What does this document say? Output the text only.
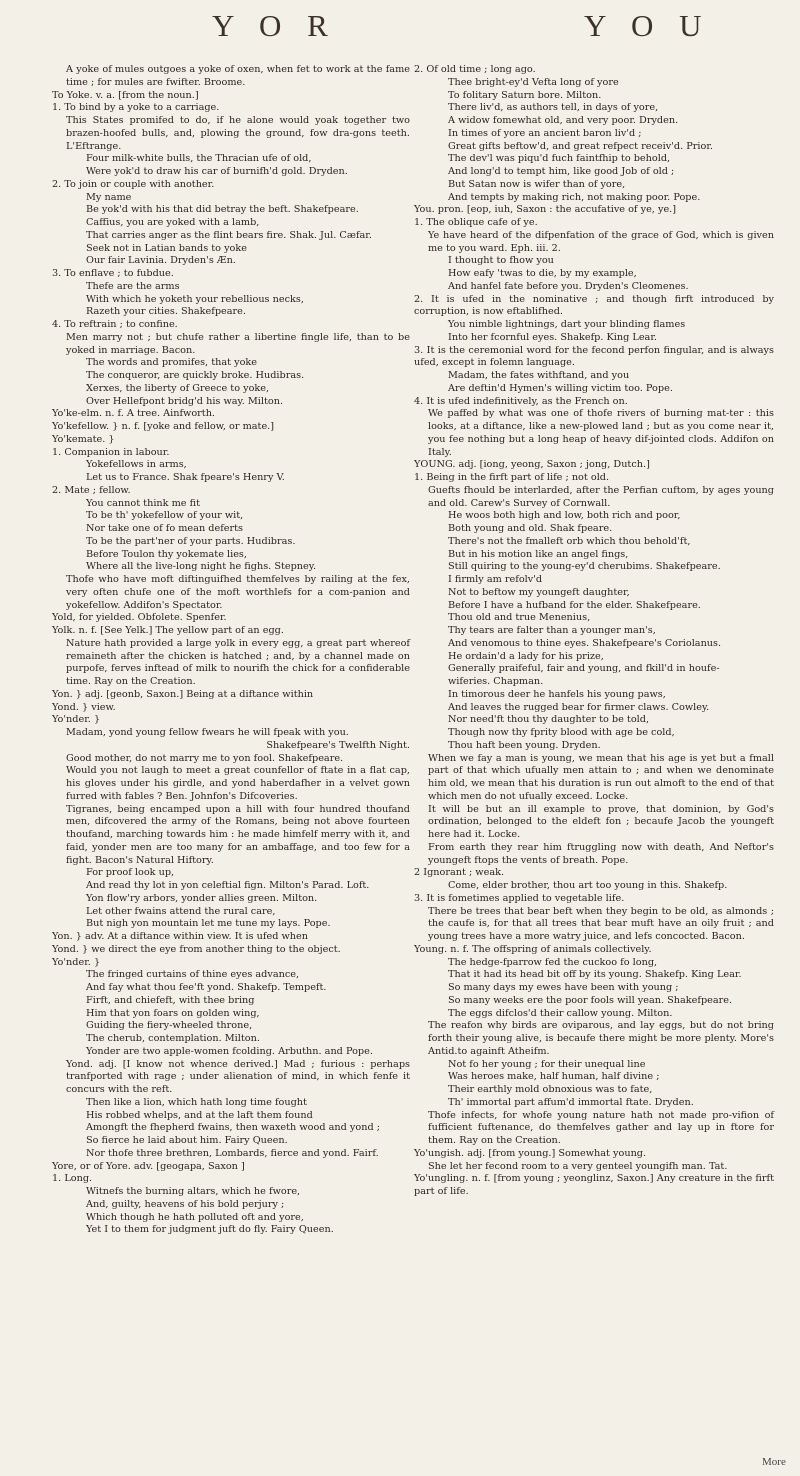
Y O R	Y O U

A yoke of mules outgoes a yoke of oxen, when fet to work at the fame time ; for mules are fwifter. Broome.

To Yoke. v. a. [from the noun.]

1. To bind by a yoke to a carriage.

This States promifed to do, if he alone would yoak together two brazen-hoofed bulls, and, plowing the ground, fow dra-gons teeth. L'Eftrange.

Four milk-white bulls, the Thracian ufe of old,

Were yok'd to draw his car of burnifh'd gold. Dryden.

2. To join or couple with another.

My name

Be yok'd with his that did betray the beft. Shakefpeare.

Caffius, you are yoked with a lamb,

That carries anger as the flint bears fire. Shak. Jul. Cæfar.

Seek not in Latian bands to yoke

Our fair Lavinia. Dryden's Æn.

3. To enflave ; to fubdue.

Thefe are the arms

With which he yoketh your rebellious necks,

Razeth your cities. Shakefpeare.

4. To reftrain ; to confine.

Men marry not ; but chufe rather a libertine fingle life, than to be yoked in marriage. Bacon.

The words and promifes, that yoke

The conqueror, are quickly broke. Hudibras.

Xerxes, the liberty of Greece to yoke,

Over Hellefpont bridg'd his way. Milton.

Yo'ke-elm. n. f. A tree. Ainfworth.

Yo'kefellow. } n. f. [yoke and fellow, or mate.]

Yo'kemate. }

1. Companion in labour.

Yokefellows in arms,

Let us to France. Shak fpeare's Henry V.

2. Mate ; fellow.

You cannot think me fit

To be th' yokefellow of your wit,

Nor take one of fo mean deferts

To be the part'ner of your parts. Hudibras.

Before Toulon thy yokemate lies,

Where all the live-long night he fighs. Stepney.

Thofe who have moft diftinguifhed themfelves by railing at the fex, very often chufe one of the moft worthlefs for a com-panion and yokefellow. Addifon's Spectator.

Yold, for yielded. Obfolete. Spenfer.

Yolk. n. f. [See Yelk.] The yellow part of an egg.

Nature hath provided a large yolk in every egg, a great part whereof remaineth after the chicken is hatched ; and, by a channel made on purpofe, ferves inftead of milk to nourifh the chick for a confiderable time. Ray on the Creation.

Yon. } adj. [geonb, Saxon.] Being at a diftance within

Yond. } view.

Yo'nder. }

Madam, yond young fellow fwears he will fpeak with you.

Shakefpeare's Twelfth Night.

Good mother, do not marry me to yon fool. Shakefpeare.

Would you not laugh to meet a great counfellor of ftate in a flat cap, his gloves under his girdle, and yond haberdafher in a velvet gown furred with fables ? Ben. Johnfon's Difcoveries.

Tigranes, being encamped upon a hill with four hundred thoufand men, difcovered the army of the Romans, being not above fourteen thoufand, marching towards him : he made himfelf merry with it, and faid, yonder men are too many for an ambaffage, and too few for a fight. Bacon's Natural Hiftory.

For proof look up,

And read thy lot in yon celeftial fign. Milton's Parad. Loft.

Yon flow'ry arbors, yonder allies green. Milton.

Let other fwains attend the rural care,

But nigh yon mountain let me tune my lays. Pope.

Yon. } adv. At a diftance within view. It is ufed when

Yond. } we direct the eye from another thing to the object.

Yo'nder. }

The fringed curtains of thine eyes advance,

And fay what thou fee'ft yond. Shakefp. Tempeft.

Firft, and chiefeft, with thee bring

Him that yon foars on golden wing,

Guiding the fiery-wheeled throne,

The cherub, contemplation. Milton.

Yonder are two apple-women fcolding. Arbuthn. and Pope.

Yond. adj. [I know not whence derived.] Mad ; furious : perhaps tranfported with rage ; under alienation of mind, in which fenfe it concurs with the reft.

Then like a lion, which hath long time fought

His robbed whelps, and at the laft them found

Amongft the fhepherd fwains, then waxeth wood and yond ;

So fierce he laid about him. Fairy Queen.

Nor thofe three brethren, Lombards, fierce and yond. Fairf.

Yore, or of Yore. adv. [geogapa, Saxon ]

1. Long.

Witnefs the burning altars, which he fwore,

And, guilty, heavens of his bold perjury ;

Which though he hath polluted oft and yore,

Yet I to them for judgment juft do fly. Fairy Queen.

2. Of old time ; long ago.

Thee bright-ey'd Vefta long of yore

To folitary Saturn bore. Milton.

There liv'd, as authors tell, in days of yore,

A widow fomewhat old, and very poor. Dryden.

In times of yore an ancient baron liv'd ;

Great gifts beftow'd, and great refpect receiv'd. Prior.

The dev'l was piqu'd fuch faintfhip to behold,

And long'd to tempt him, like good Job of old ;

But Satan now is wifer than of yore,

And tempts by making rich, not making poor. Pope.

You. pron. [eop, iuh, Saxon : the accufative of ye, ye.]

1. The oblique cafe of ye.

Ye have heard of the difpenfation of the grace of God, which is given me to you ward. Eph. iii. 2.

I thought to fhow you

How eafy 'twas to die, by my example,

And hanfel fate before you. Dryden's Cleomenes.

2. It is ufed in the nominative ; and though firft introduced by corruption, is now eftablifhed.

You nimble lightnings, dart your blinding flames

Into her fcornful eyes. Shakefp. King Lear.

3. It is the ceremonial word for the fecond perfon fingular, and is always ufed, except in folemn language.

Madam, the fates withftand, and you

Are deftin'd Hymen's willing victim too. Pope.

4. It is ufed indefinitively, as the French on.

We paffed by what was one of thofe rivers of burning mat-ter : this looks, at a diftance, like a new-plowed land ; but as you come near it, you fee nothing but a long heap of heavy dif-jointed clods. Addifon on Italy.

YOUNG. adj. [iong, yeong, Saxon ; jong, Dutch.]

1. Being in the firft part of life ; not old.

Guefts fhould be interlarded, after the Perfian cuftom, by ages young and old. Carew's Survey of Cornwall.

He woos both high and low, both rich and poor,

Both young and old. Shak fpeare.

There's not the fmalleft orb which thou behold'ft,

But in his motion like an angel fings,

Still quiring to the young-ey'd cherubims. Shakefpeare.

I firmly am refolv'd

Not to beftow my youngeft daughter,

Before I have a hufband for the elder. Shakefpeare.

Thou old and true Menenius,

Thy tears are falter than a younger man's,

And venomous to thine eyes. Shakefpeare's Coriolanus.

He ordain'd a lady for his prize,

Generally praifeful, fair and young, and fkill'd in houfe-

wiferies. Chapman.

In timorous deer he hanfels his young paws,

And leaves the rugged bear for firmer claws. Cowley.

Nor need'ft thou thy daughter to be told,

Though now thy fprity blood with age be cold,

Thou haft been young. Dryden.

When we fay a man is young, we mean that his age is yet but a fmall part of that which ufually men attain to ; and when we denominate him old, we mean that his duration is run out almoft to the end of that which men do not ufually exceed. Locke.

It will be but an ill example to prove, that dominion, by God's ordination, belonged to the eldeft fon ; becaufe Jacob the youngeft here had it. Locke.

From earth they rear him ftruggling now with death, And Neftor's youngeft ftops the vents of breath. Pope.

2 Ignorant ; weak.

Come, elder brother, thou art too young in this. Shakefp.

3. It is fometimes applied to vegetable life.

There be trees that bear beft when they begin to be old, as almonds ; the caufe is, for that all trees that bear muft have an oily fruit ; and young trees have a more watry juice, and lefs concocted. Bacon.

Young. n. f. The offspring of animals collectively.

The hedge-fparrow fed the cuckoo fo long,

That it had its head bit off by its young. Shakefp. King Lear.

So many days my ewes have been with young ;

So many weeks ere the poor fools will yean. Shakefpeare.

The eggs difclos'd their callow young. Milton.

The reafon why birds are oviparous, and lay eggs, but do not bring forth their young alive, is becaufe there might be more plenty. More's Antid.to againft Atheifm.

Not fo her young ; for their unequal line

Was heroes make, half human, half divine ;

Their earthly mold obnoxious was to fate,

Th' immortal part affum'd immortal ftate. Dryden.

Thofe infects, for whofe young nature hath not made pro-vifion of fufficient fuftenance, do themfelves gather and lay up in ftore for them. Ray on the Creation.

Yo'ungish. adj. [from young.] Somewhat young.

She let her fecond room to a very genteel youngifh man. Tat.

Yo'ungling. n. f. [from young ; yeonglinz, Saxon.] Any creature in the firft part of life.

More
